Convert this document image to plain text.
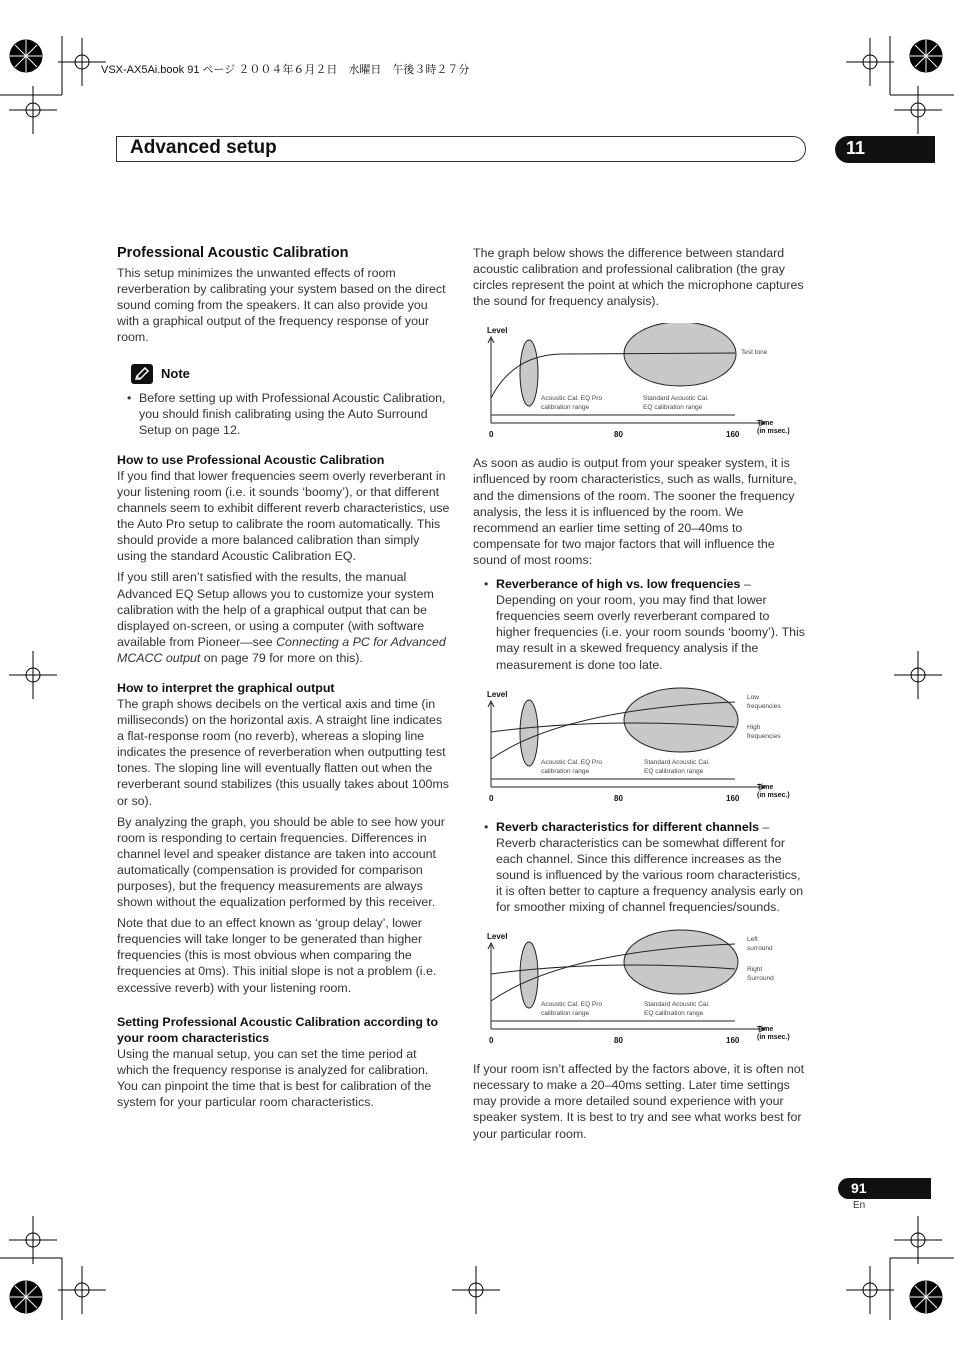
VSX-AX5Ai.book 91 ページ ２００４年６月２日　水曜日　午後３時２７分
Advanced setup	11
Professional Acoustic Calibration

This setup minimizes the unwanted effects of room reverberation by calibrating your system based on the direct sound coming from the speakers. It can also provide you with a graphical output of the frequency response of your room.

Note
• Before setting up with Professional Acoustic Calibration, you should finish calibrating using the Auto Surround Setup on page 12.
How to use Professional Acoustic Calibration

If you find that lower frequencies seem overly reverberant in your listening room (i.e. it sounds ‘boomy’), or that different channels seem to exhibit different reverb characteristics, use the Auto Pro setup to calibrate the room automatically. This should provide a more balanced calibration than simply using the standard Acoustic Calibration EQ.

If you still aren’t satisfied with the results, the manual Advanced EQ Setup allows you to customize your system calibration with the help of a graphical output that can be displayed on-screen, or using a computer (with software available from Pioneer—see Connecting a PC for Advanced MCACC output on page 79 for more on this).

How to interpret the graphical output

The graph shows decibels on the vertical axis and time (in milliseconds) on the horizontal axis. A straight line indicates a flat-response room (no reverb), whereas a sloping line indicates the presence of reverberation when outputting test tones. The sloping line will eventually flatten out when the reverberant sound stabilizes (this usually takes about 100ms or so).

By analyzing the graph, you should be able to see how your room is responding to certain frequencies. Differences in channel level and speaker distance are taken into account automatically (compensation is provided for comparison purposes), but the frequency measurements are always shown without the equalization performed by this receiver.

Note that due to an effect known as ‘group delay’, lower frequencies will take longer to be generated than higher frequencies (this is most obvious when comparing the frequencies at 0ms). This initial slope is not a problem (i.e. excessive reverb) with your listening room.

Setting Professional Acoustic Calibration according to your room characteristics

Using the manual setup, you can set the time period at which the frequency response is analyzed for calibration. You can pinpoint the time that is best for calibration of the system for your particular room characteristics.

The graph below shows the difference between standard acoustic calibration and professional calibration (the gray circles represent the point at which the microphone captures the sound for frequency analysis).

Level
Test tone
Acoustic Cal. EQ Pro
calibration range
Standard Acoustic Cal.
EQ calibration range
Time
(in msec.)
0	80	160

As soon as audio is output from your speaker system, it is influenced by room characteristics, such as walls, furniture, and the dimensions of the room. The sooner the frequency analysis, the less it is influenced by the room. We recommend an earlier time setting of 20–40ms to compensate for two major factors that will influence the sound of most rooms:

• Reverberance of high vs. low frequencies –
Depending on your room, you may find that lower frequencies seem overly reverberant compared to higher frequencies (i.e. your room sounds ‘boomy’). This may result in a skewed frequency analysis if the measurement is done too late.
Level	Low
frequencies
High
frequencies
Acoustic Cal. EQ Pro
calibration range
Standard Acoustic Cal.
EQ calibration range
Time
(in msec.)
0	80	160
• Reverb characteristics for different channels –
Reverb characteristics can be somewhat different for each channel. Since this difference increases as the sound is influenced by the various room characteristics, it is often better to capture a frequency analysis early on for smoother mixing of channel frequencies/sounds.
Level	Left
surround
Right
Surround
Acoustic Cal. EQ Pro
calibration range
Standard Acoustic Cal.
EQ calibration range
Time
(in msec.)
0	80	160

If your room isn’t affected by the factors above, it is often not necessary to make a 20–40ms setting. Later time settings may provide a more detailed sound experience with your speaker system. It is best to try and see what works best for your particular room.

91
En
